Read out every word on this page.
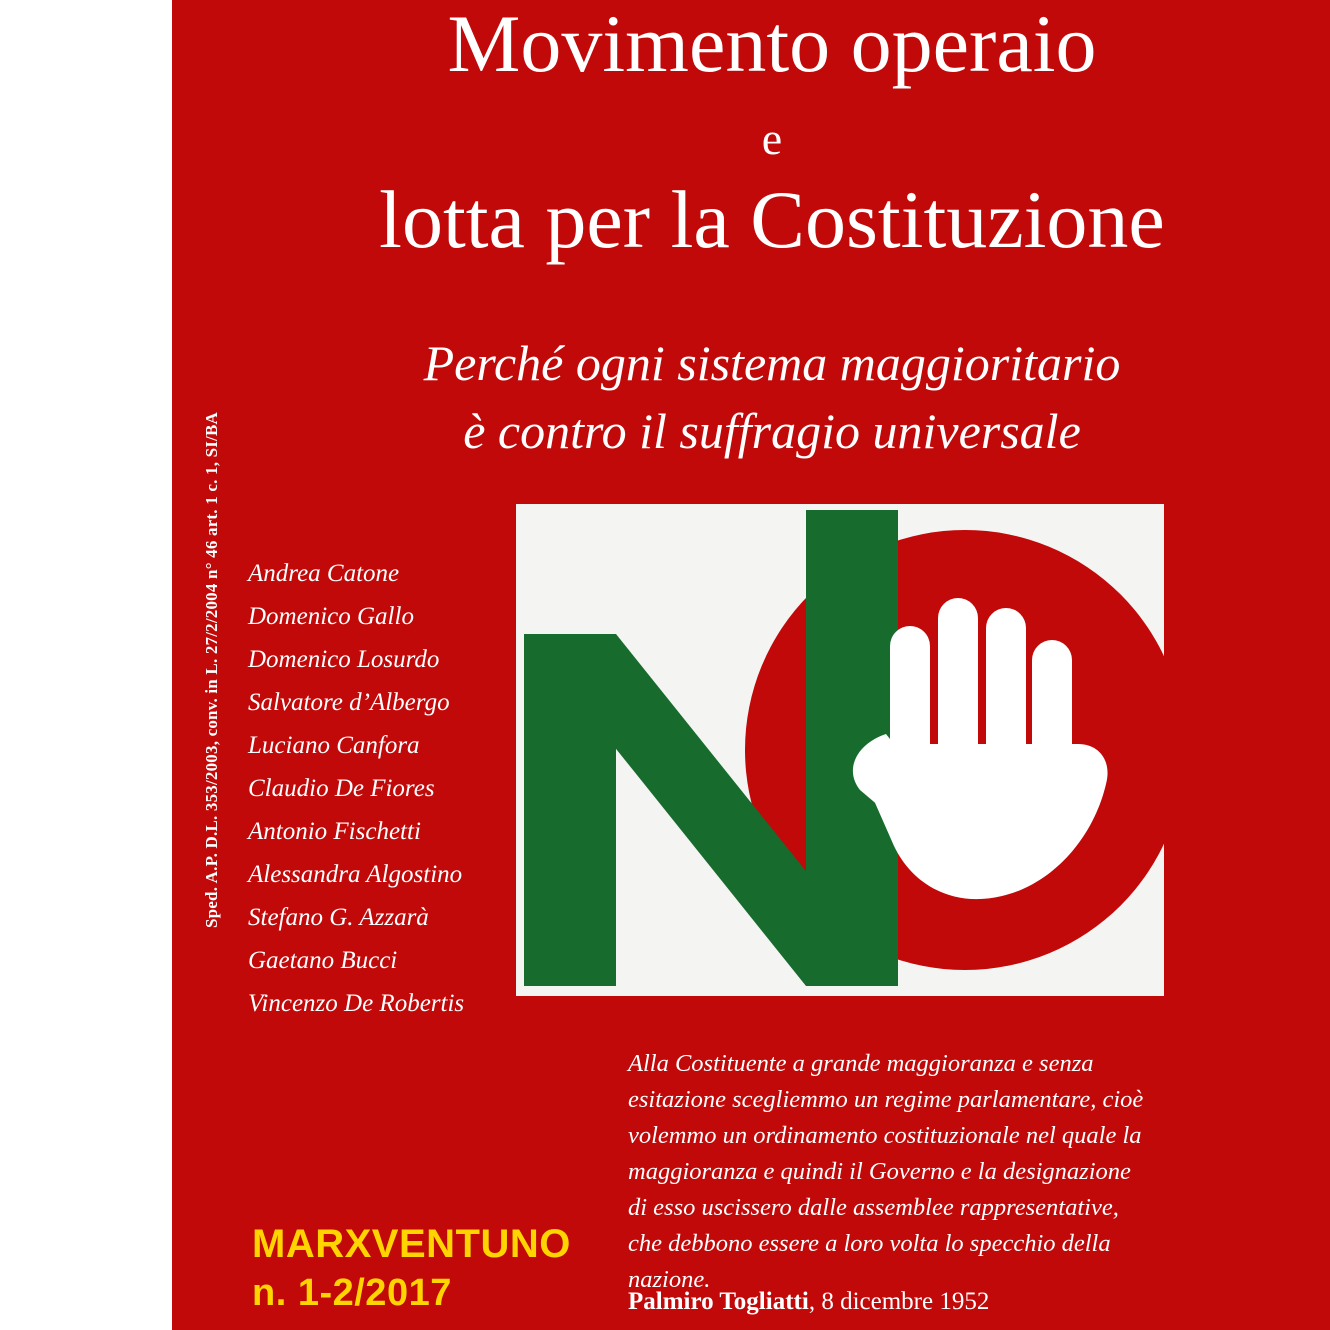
Sped. A.P. D.L. 353/2003, conv. in L. 27/2/2004 n° 46 art. 1 c. 1, SI/BA
Movimento operaio
e
lotta per la Costituzione
Perché ogni sistema maggioritario
è contro il suffragio universale
Andrea Catone
Domenico Gallo
Domenico Losurdo
Salvatore d’Albergo
Luciano Canfora
Claudio De Fiores
Antonio Fischetti
Alessandra Algostino
Stefano G. Azzarà
Gaetano Bucci
Vincenzo De Robertis
Alla Costituente a grande maggioranza e senza esitazione scegliemmo un regime parlamentare, cioè volemmo un ordinamento costituzionale nel quale la maggioranza e quindi il Governo e la designazione di esso uscissero dalle assemblee rappresentative, che debbono essere a loro volta lo specchio della nazione.
Palmiro Togliatti, 8 dicembre 1952
MARXVENTUNO
n. 1-2/2017
